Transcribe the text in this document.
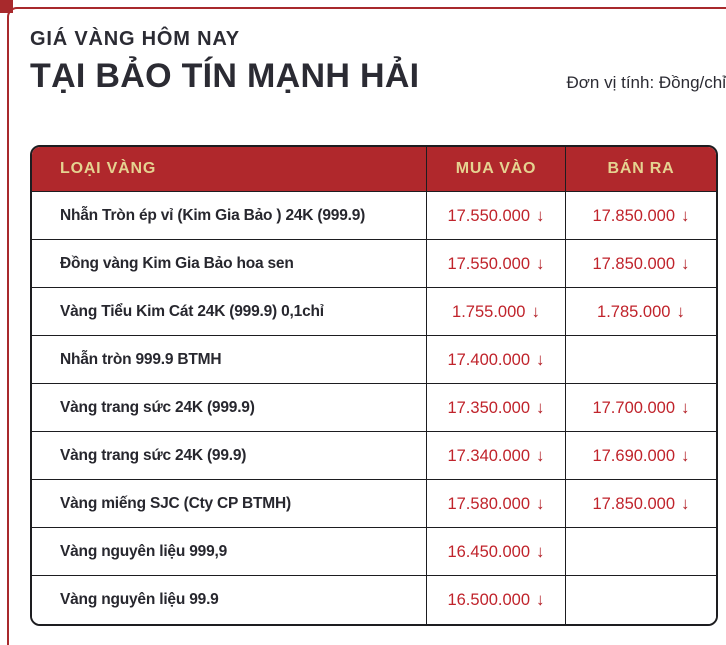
GIÁ VÀNG HÔM NAY
TẠI BẢO TÍN MẠNH HẢI	Đơn vị tính: Đồng/chỉ
LOẠI VÀNG	MUA VÀO	BÁN RA
Nhẫn Tròn ép vỉ (Kim Gia Bảo ) 24K (999.9)	17.550.000 ↓	17.850.000 ↓
Đồng vàng Kim Gia Bảo hoa sen	17.550.000 ↓	17.850.000 ↓
Vàng Tiểu Kim Cát 24K (999.9) 0,1chỉ	1.755.000 ↓	1.785.000 ↓
Nhẫn tròn 999.9 BTMH	17.400.000 ↓	
Vàng trang sức 24K (999.9)	17.350.000 ↓	17.700.000 ↓
Vàng trang sức 24K (99.9)	17.340.000 ↓	17.690.000 ↓
Vàng miếng SJC (Cty CP BTMH)	17.580.000 ↓	17.850.000 ↓
Vàng nguyên liệu 999,9	16.450.000 ↓	
Vàng nguyên liệu 99.9	16.500.000 ↓	
